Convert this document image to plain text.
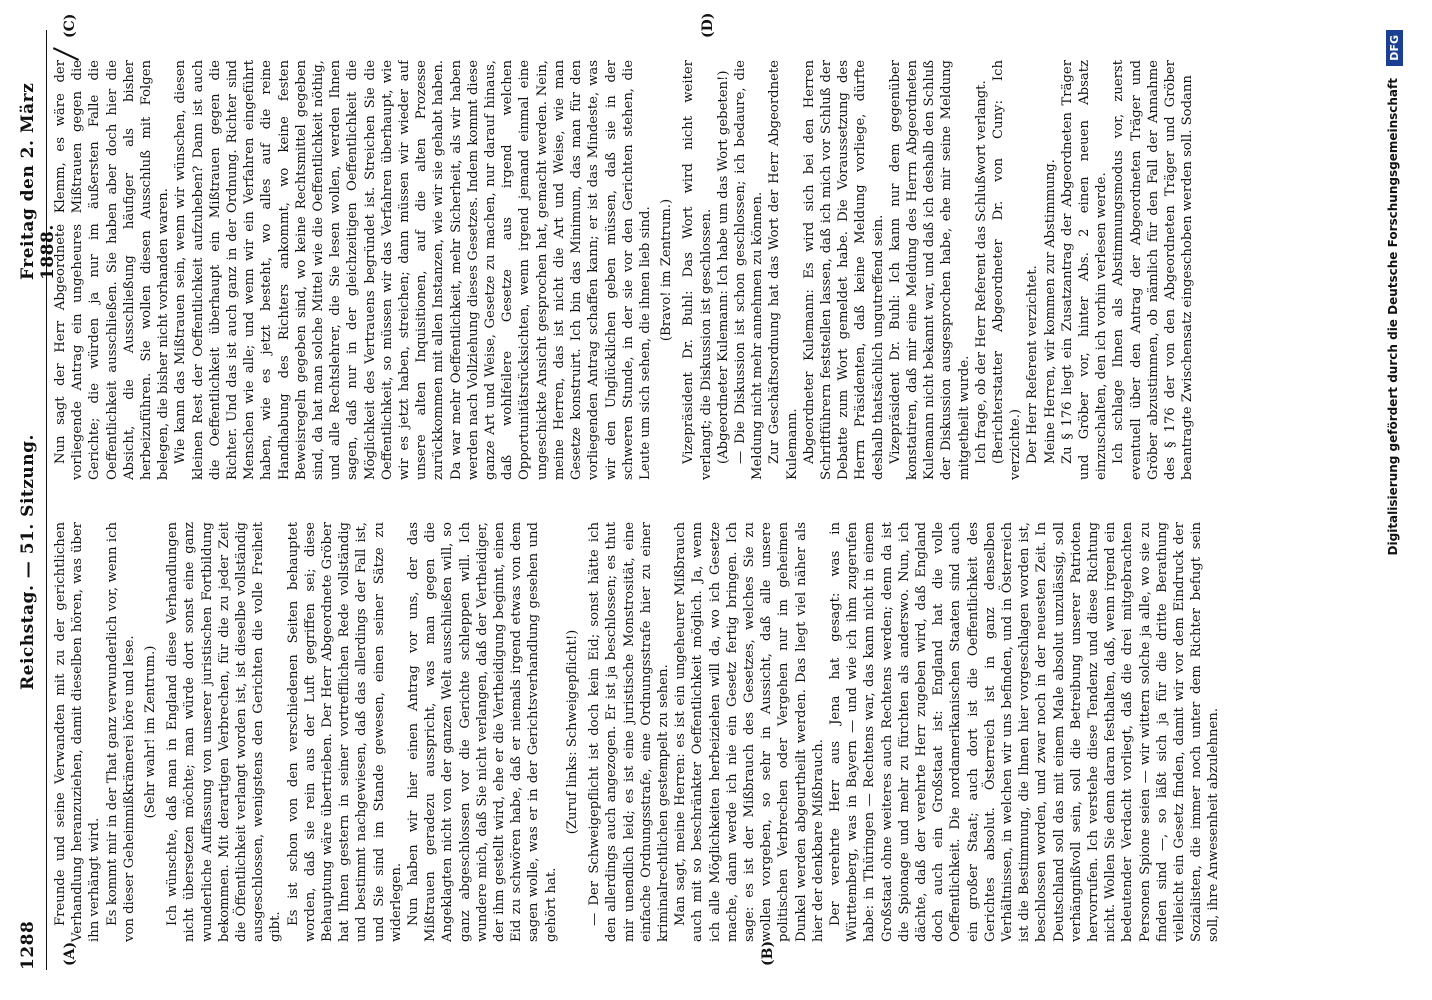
1288
Reichstag. — 51. Sitzung.
Freitag den 2. März 1888.
(A)	(B)
(C)	(D)

Freunde und seine Verwandten mit zu der gerichtlichen Verhandlung heranzuziehen, damit dieselben hören, was über ihn verhängt wird. Es kommt mir in der That ganz verwunderlich vor, wenn ich von dieser Geheimnißkrämerei höre und lese. (Sehr wahr! im Zentrum.) Ich wünschte, daß man in England diese Verhandlungen nicht übersetzen möchte; man würde dort sonst eine ganz wunderliche Auffassung von unserer juristischen Fortbildung bekommen. Mit derartigen Verbrechen, für die zu jeder Zeit die Öffentlichkeit verlangt worden ist, ist dieselbe vollständig ausgeschlossen, wenigstens den Gerichten die volle Freiheit gibt.

Es ist schon von den verschiedenen Seiten behauptet worden, daß sie rein aus der Luft gegriffen sei; diese Behauptung wäre übertrieben. Der Herr Abgeordnete Gröber hat Ihnen gestern in seiner vortrefflichen Rede vollständig und bestimmt nachgewiesen, daß das allerdings der Fall ist, und Sie sind im Stande gewesen, einen seiner Sätze zu widerlegen. Nun haben wir hier einen Antrag vor uns, der das Mißtrauen geradezu ausspricht, was man gegen die Angeklagten nicht von der ganzen Welt ausschließen will, so ganz abgeschlossen vor die Gerichte schleppen will. Ich wundere mich, daß Sie nicht verlangen, daß der Vertheidiger, der ihm gestellt wird, ehe er die Vertheidigung beginnt, einen Eid zu schwören habe, daß er niemals irgend etwas von dem sagen wolle, was er in der Gerichtsverhandlung gesehen und gehört hat.

(Zuruf links: Schweigepflicht!) — Der Schweigepflicht ist doch kein Eid; sonst hätte ich den allerdings auch angezogen. Er ist ja beschlossen; es thut mir unendlich leid; es ist eine juristische Monstrosität, eine einfache Ordnungsstrafe, eine Ordnungsstrafe hier zu einer kriminalrechtlichen gestempelt zu sehen. Man sagt, meine Herren: es ist ein ungeheurer Mißbrauch auch mit so beschränkter Oeffentlichkeit möglich. Ja, wenn ich alle Möglichkeiten herbeiziehen will da, wo ich Gesetze mache, dann werde ich nie ein Gesetz fertig bringen. Ich sage: es ist der Mißbrauch des Gesetzes, welches Sie zu wollen vorgeben, so sehr in Aussicht, daß alle unsere politischen Verbrechen oder Vergehen nur im geheimen Dunkel werden abgeurtheilt werden. Das liegt viel näher als hier der denkbare Mißbrauch. Der verehrte Herr aus Jena hat gesagt: was in Württemberg, was in Bayern — und wie ich ihm zugerufen habe: in Thüringen — Rechtens war, das kann nicht in einem Großstaat ohne weiteres auch Rechtens werden; denn da ist die Spionage und mehr zu fürchten als anderswo. Nun, ich dächte, daß der verehrte Herr zugeben wird, daß England doch auch ein Großstaat ist: England hat die volle Oeffentlichkeit. Die nordamerikanischen Staaten sind auch ein großer Staat; auch dort ist die Oeffentlichkeit des Gerichtes absolut. Österreich ist in ganz denselben Verhältnissen, in welchen wir uns befinden, und in Österreich ist die Bestimmung, die Ihnen hier vorgeschlagen worden ist, beschlossen worden, und zwar noch in der neuesten Zeit. In Deutschland soll das mit einem Male absolut unzulässig, soll verhängnißvoll sein, soll die Betreibung unserer Patrioten hervorrufen. Ich verstehe diese Tendenz und diese Richtung nicht. Wollen Sie denn daran festhalten, daß, wenn irgend ein bedeutender Verdacht vorliegt, daß die drei mitgebrachten Personen Spione seien — wir wittern solche ja alle, wo sie zu finden sind —, so läßt sich ja für die dritte Berathung vielleicht ein Gesetz finden, damit wir vor dem Eindruck der Sozialisten, die immer noch unter dem Richter befugt sein soll, ihre Anwesenheit abzulehnen.

Nun sagt der Herr Abgeordnete Klemm, es wäre der vorliegende Antrag ein ungeheures Mißtrauen gegen die Gerichte; die würden ja nur im äußersten Falle die Oeffentlichkeit ausschließen. Sie haben aber doch hier die Absicht, die Ausschließung häufiger als bisher herbeizuführen. Sie wollen diesen Ausschluß mit Folgen belegen, die bisher nicht vorhanden waren. Wie kann das Mißtrauen sein, wenn wir wünschen, diesen kleinen Rest der Oeffentlichkeit aufzuheben? Dann ist auch die Oeffentlichkeit überhaupt ein Mißtrauen gegen die Richter. Und das ist auch ganz in der Ordnung. Richter sind Menschen wie alle; und wenn wir ein Verfahren eingeführt haben, wie es jetzt besteht, wo alles auf die reine Handhabung des Richters ankommt, wo keine festen Beweisregeln gegeben sind, wo keine Rechtsmittel gegeben sind, da hat man solche Mittel wie die Oeffentlichkeit nöthig, und alle Rechtslehrer, die Sie lesen wollen, werden Ihnen sagen, daß nur in der gleichzeitigen Oeffentlichkeit die Möglichkeit des Vertrauens begründet ist. Streichen Sie die Oeffentlichkeit, so müssen wir das Verfahren überhaupt, wie wir es jetzt haben, streichen; dann müssen wir wieder auf unsere alten Inquisitionen, auf die alten Prozesse zurückkommen mit allen Instanzen, wie wir sie gehabt haben. Da war mehr Oeffentlichkeit, mehr Sicherheit, als wir haben werden nach Vollziehung dieses Gesetzes. Indem kommt diese ganze Art und Weise, Gesetze zu machen, nur darauf hinaus, daß wohlfeilere Gesetze aus irgend welchen Opportunitätsrücksichten, wenn irgend jemand einmal eine ungeschickte Ansicht gesprochen hat, gemacht werden. Nein, meine Herren, das ist nicht die Art und Weise, wie man Gesetze konstruirt. Ich bin das Minimum, das man für den vorliegenden Antrag schaffen kann; er ist das Mindeste, was wir den Unglücklichen geben müssen, daß sie in der schweren Stunde, in der sie vor den Gerichten stehen, die Leute um sich sehen, die ihnen lieb sind. (Bravo! im Zentrum.) Vizepräsident Dr. Buhl: Das Wort wird nicht weiter verlangt; die Diskussion ist geschlossen. (Abgeordneter Kulemann: Ich habe um das Wort gebeten!) — Die Diskussion ist schon geschlossen; ich bedaure, die Meldung nicht mehr annehmen zu können. Zur Geschäftsordnung hat das Wort der Herr Abgeordnete Kulemann. Abgeordneter Kulemann: Es wird sich bei den Herren Schriftführern feststellen lassen, daß ich mich vor Schluß der Debatte zum Wort gemeldet habe. Die Voraussetzung des Herrn Präsidenten, daß keine Meldung vorliege, dürfte deshalb thatsächlich ungutreffend sein. Vizepräsident Dr. Buhl: Ich kann nur dem gegenüber konstatiren, daß mir eine Meldung des Herrn Abgeordneten Kulemann nicht bekannt war, und daß ich deshalb den Schluß der Diskussion ausgesprochen habe, ehe mir seine Meldung mitgetheilt wurde. Ich frage, ob der Herr Referent das Schlußwort verlangt. (Berichterstatter Abgeordneter Dr. von Cuny: Ich verzichte.) Der Herr Referent verzichtet. Meine Herren, wir kommen zur Abstimmung. Zu § 176 liegt ein Zusatzantrag der Abgeordneten Träger und Gröber vor, hinter Abs. 2 einen neuen Absatz einzuschalten, den ich vorhin verlesen werde. Ich schlage Ihnen als Abstimmungsmodus vor, zuerst eventuell über den Antrag der Abgeordneten Träger und Gröber abzustimmen, ob nämlich für den Fall der Annahme des § 176 der von den Abgeordneten Träger und Gröber beantragte Zwischensatz eingeschoben werden soll. Sodann	Digitalisierung gefördert durch die Deutsche Forschungsgemeinschaft
DFG
